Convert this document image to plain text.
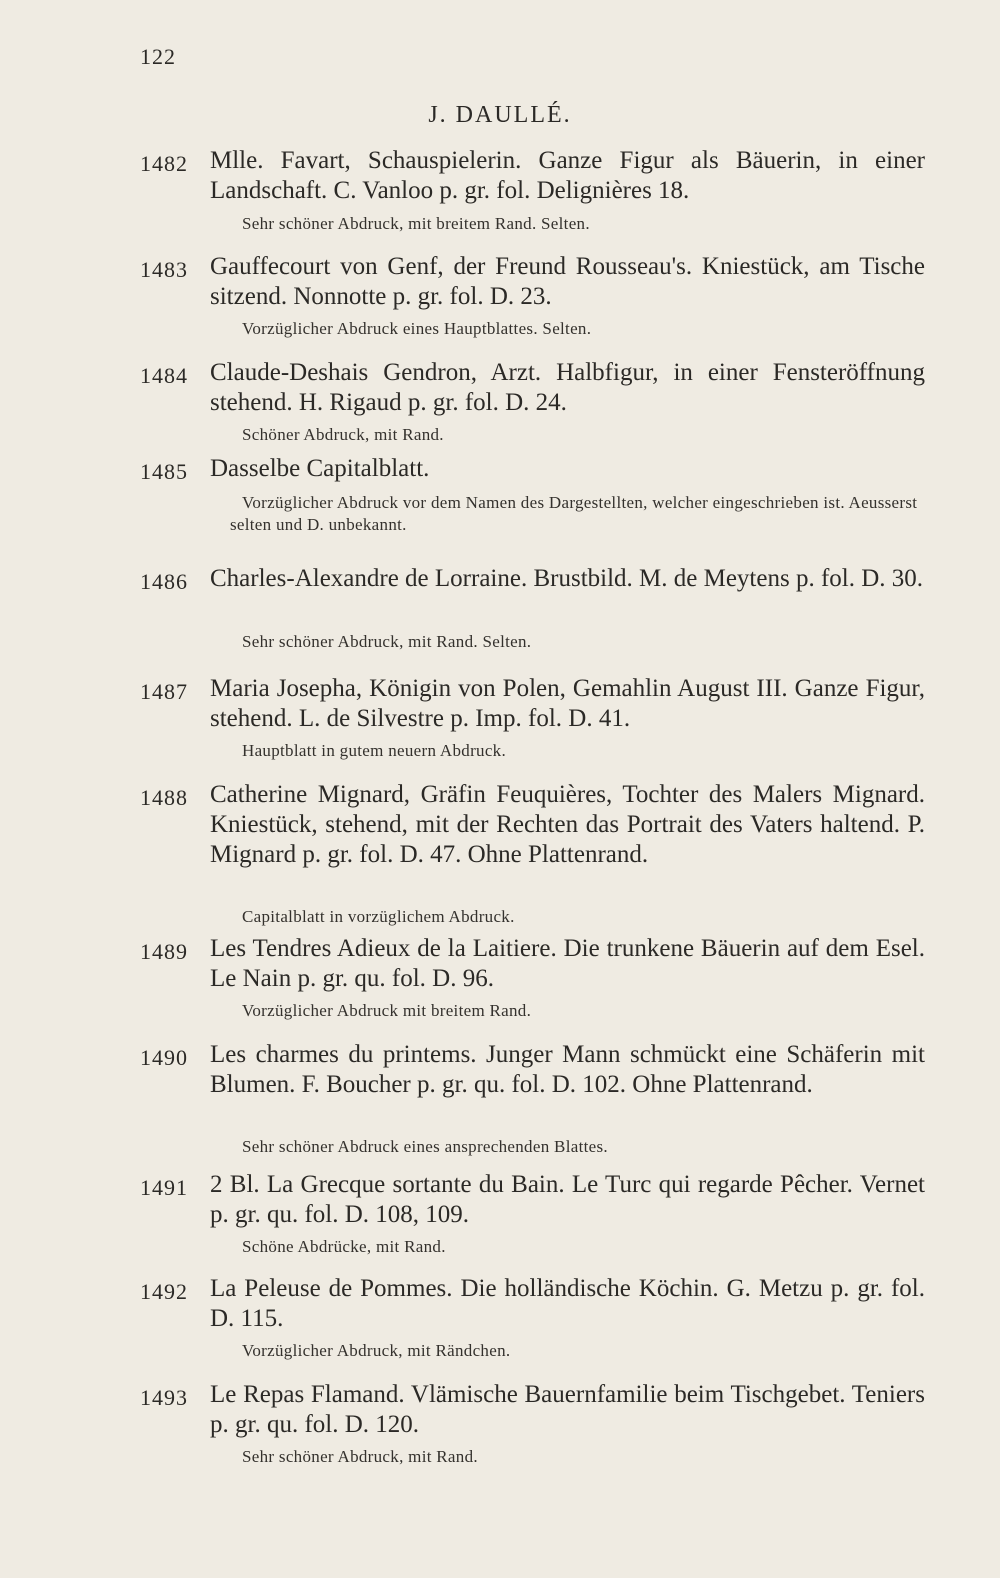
122
J. DAULLÉ.
1482 Mlle. Favart, Schauspielerin. Ganze Figur als Bäuerin, in einer Landschaft. C. Vanloo p. gr. fol. Delignières 18.
Sehr schöner Abdruck, mit breitem Rand. Selten.
1483 Gauffecourt von Genf, der Freund Rousseau's. Kniestück, am Tische sitzend. Nonnotte p. gr. fol. D. 23.
Vorzüglicher Abdruck eines Hauptblattes. Selten.
1484 Claude-Deshais Gendron, Arzt. Halbfigur, in einer Fensteröffnung stehend. H. Rigaud p. gr. fol. D. 24.
Schöner Abdruck, mit Rand.
1485 Dasselbe Capitalblatt.
Vorzüglicher Abdruck vor dem Namen des Dargestellten, welcher eingeschrieben ist. Aeusserst selten und D. unbekannt.
1486 Charles-Alexandre de Lorraine. Brustbild. M. de Meytens p. fol. D. 30.
Sehr schöner Abdruck, mit Rand. Selten.
1487 Maria Josepha, Königin von Polen, Gemahlin August III. Ganze Figur, stehend. L. de Silvestre p. Imp. fol. D. 41.
Hauptblatt in gutem neuern Abdruck.
1488 Catherine Mignard, Gräfin Feuquières, Tochter des Malers Mignard. Kniestück, stehend, mit der Rechten das Portrait des Vaters haltend. P. Mignard p. gr. fol. D. 47. Ohne Plattenrand.
Capitalblatt in vorzüglichem Abdruck.
1489 Les Tendres Adieux de la Laitiere. Die trunkene Bäuerin auf dem Esel. Le Nain p. gr. qu. fol. D. 96.
Vorzüglicher Abdruck mit breitem Rand.
1490 Les charmes du printems. Junger Mann schmückt eine Schäferin mit Blumen. F. Boucher p. gr. qu. fol. D. 102. Ohne Plattenrand.
Sehr schöner Abdruck eines ansprechenden Blattes.
1491 2 Bl. La Grecque sortante du Bain. Le Turc qui regarde Pêcher. Vernet p. gr. qu. fol. D. 108, 109.
Schöne Abdrücke, mit Rand.
1492 La Peleuse de Pommes. Die holländische Köchin. G. Metzu p. gr. fol. D. 115.
Vorzüglicher Abdruck, mit Rändchen.
1493 Le Repas Flamand. Vlämische Bauernfamilie beim Tischgebet. Teniers p. gr. qu. fol. D. 120.
Sehr schöner Abdruck, mit Rand.
